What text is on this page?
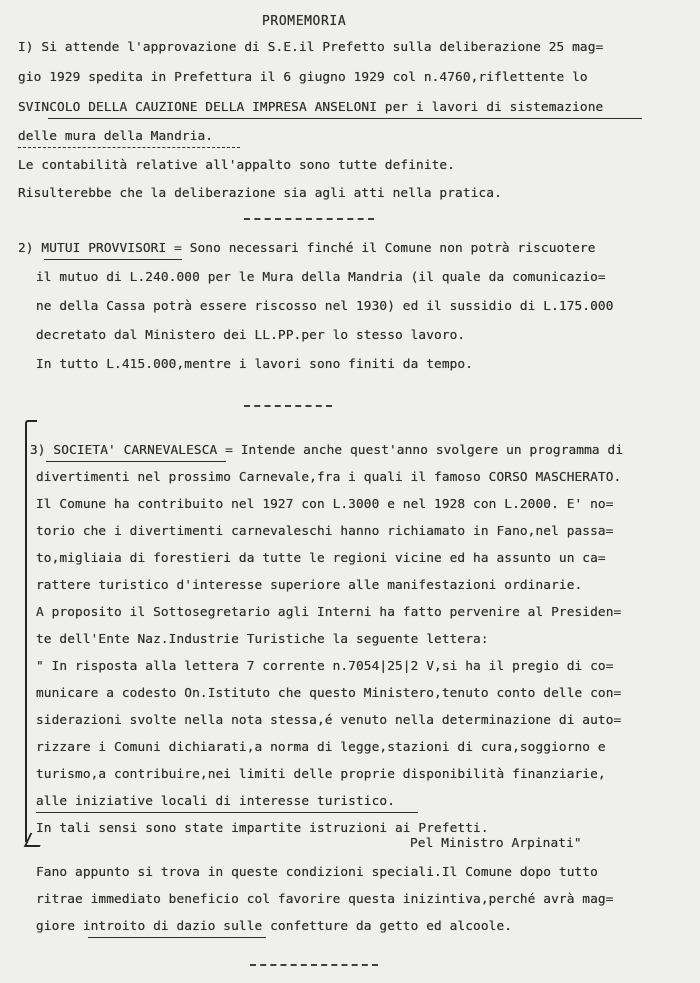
PROMEMORIA
I) Si attende l'approvazione di S.E.il Prefetto sulla deliberazione 25 mag=
gio 1929 spedita in Prefettura il 6 giugno 1929 col n.4760,riflettente lo
SVINCOLO DELLA CAUZIONE DELLA IMPRESA ANSELONI per i lavori di sistemazione
delle mura della Mandria.
Le contabilità relative all'appalto sono tutte definite.
Risulterebbe che la deliberazione sia agli atti nella pratica.
2) MUTUI PROVVISORI = Sono necessari finché il Comune non potrà riscuotere
il mutuo di L.240.000 per le Mura della Mandria (il quale da comunicazio=
ne della Cassa potrà essere riscosso nel 1930) ed il sussidio di L.175.000
decretato dal Ministero dei LL.PP.per lo stesso lavoro.
In tutto L.415.000,mentre i lavori sono finiti da tempo.
3) SOCIETA' CARNEVALESCA = Intende anche quest'anno svolgere un programma di
divertimenti nel prossimo Carnevale,fra i quali il famoso CORSO MASCHERATO.
Il Comune ha contribuito nel 1927 con L.3000 e nel 1928 con L.2000. E' no=
torio che i divertimenti carnevaleschi hanno richiamato in Fano,nel passa=
to,migliaia di forestieri da tutte le regioni vicine ed ha assunto un ca=
rattere turistico d'interesse superiore alle manifestazioni ordinarie.
A proposito il Sottosegretario agli Interni ha fatto pervenire al Presiden=
te dell'Ente Naz.Industrie Turistiche la seguente lettera:
" In risposta alla lettera 7 corrente n.7054|25|2 V,si ha il pregio di co=
municare a codesto On.Istituto che questo Ministero,tenuto conto delle con=
siderazioni svolte nella nota stessa,é venuto nella determinazione di auto=
rizzare i Comuni dichiarati,a norma di legge,stazioni di cura,soggiorno e
turismo,a contribuire,nei limiti delle proprie disponibilità finanziarie,
alle iniziative locali di interesse turistico.
In tali sensi sono state impartite istruzioni ai Prefetti.
Pel Ministro Arpinati"
Fano appunto si trova in queste condizioni speciali.Il Comune dopo tutto
ritrae immediato beneficio col favorire questa inizintiva,perché avrà mag=
giore introito di dazio sulle confetture da getto ed alcoole.
